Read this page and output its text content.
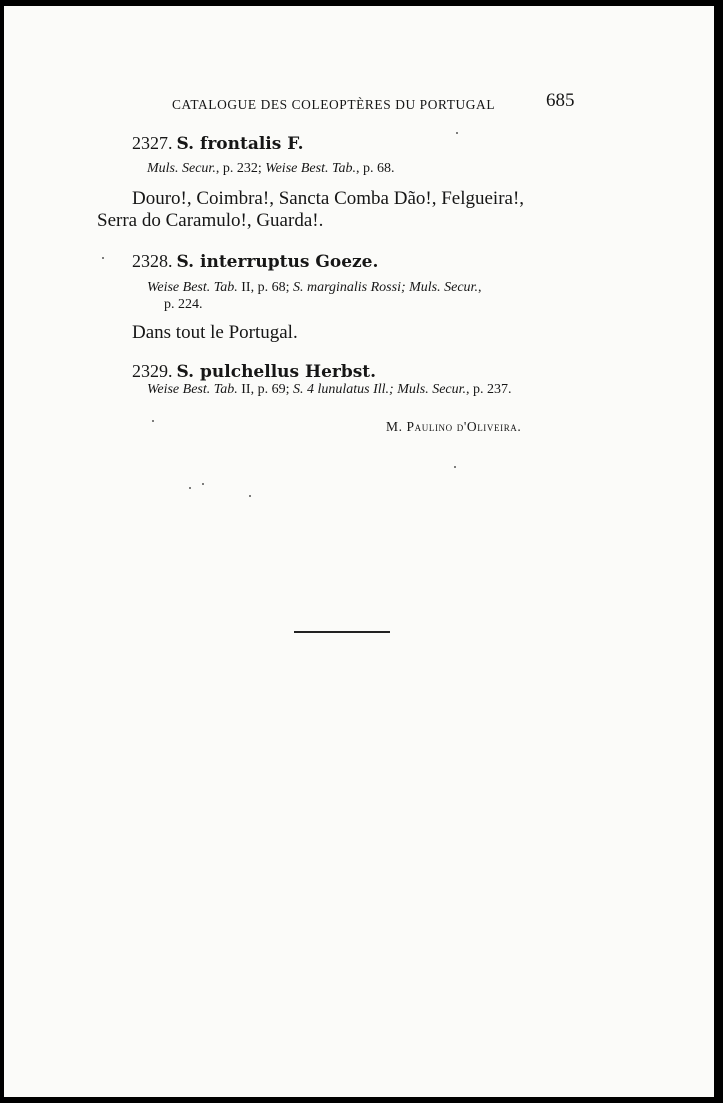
CATALOGUE DES COLEOPTÈRES DU PORTUGAL	685
2327. S. frontalis F.
Muls. Secur., p. 232; Weise Best. Tab., p. 68.
Douro!, Coimbra!, Sancta Comba Dão!, Felgueira!,
Serra do Caramulo!, Guarda!.
2328. S. interruptus Goeze.
Weise Best. Tab. II, p. 68; S. marginalis Rossi; Muls. Secur.,
p. 224.
Dans tout le Portugal.
2329. S. pulchellus Herbst.
Weise Best. Tab. II, p. 69; S. 4 lunulatus Ill.; Muls. Secur., p. 237.
M. Paulino d'Oliveira.
